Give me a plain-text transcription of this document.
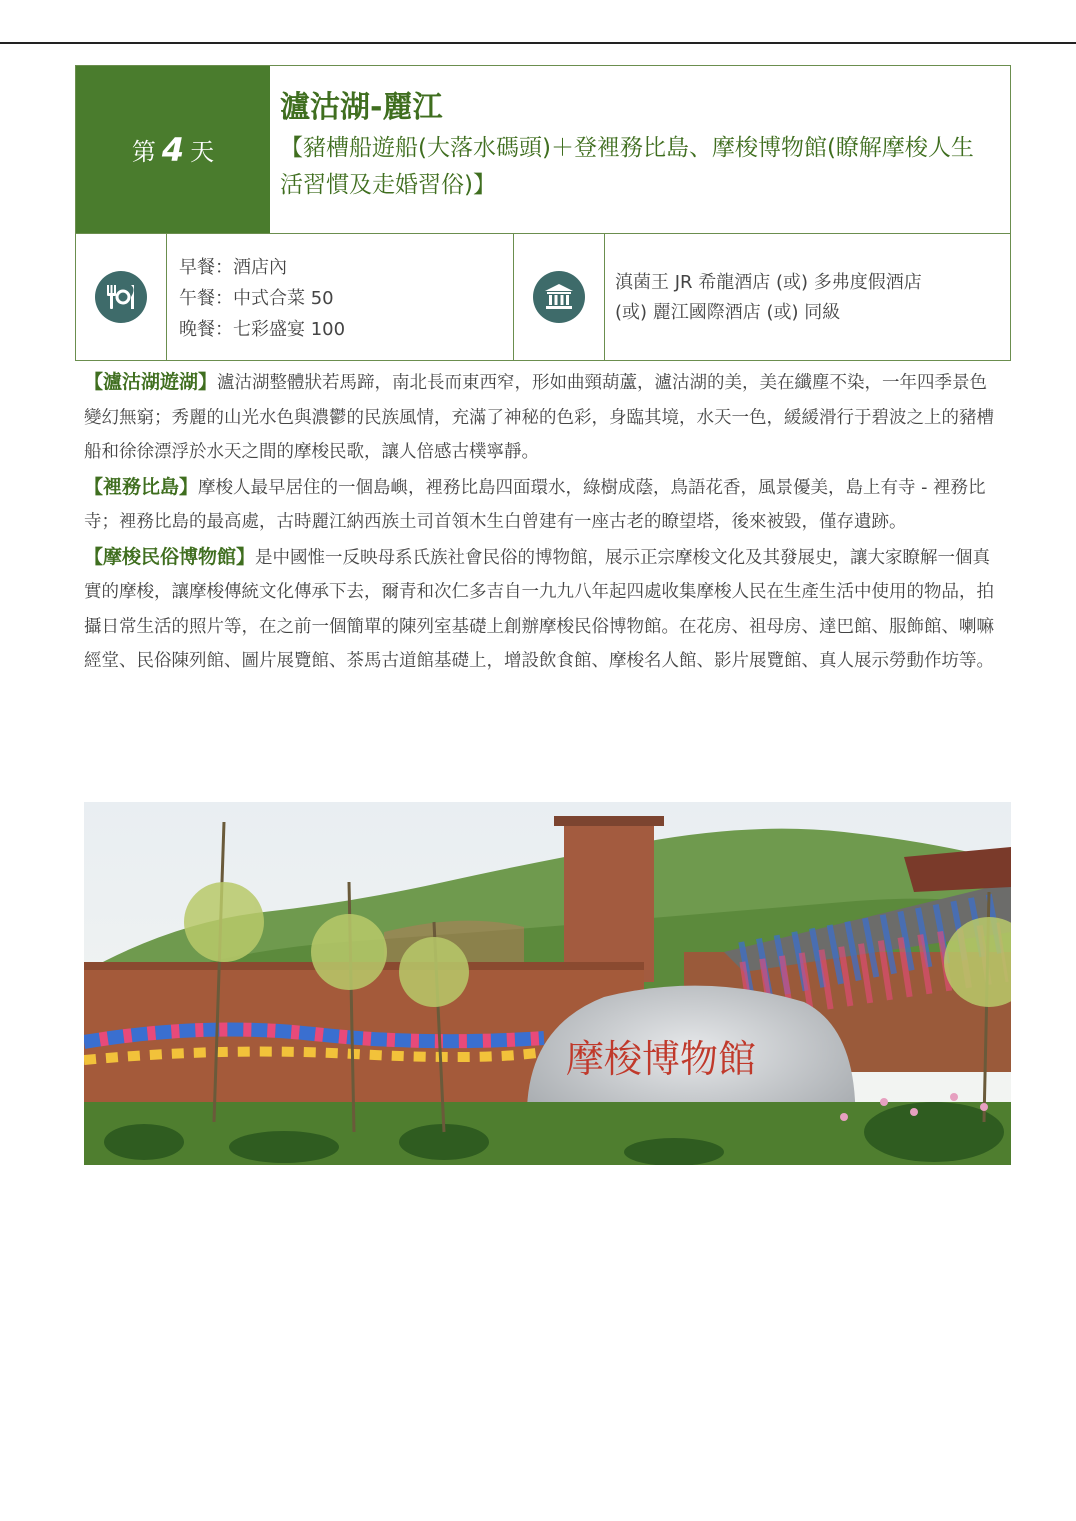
第 4 天
瀘沽湖-麗江
【豬槽船遊船(大落水碼頭)＋登裡務比島、摩梭博物館(瞭解摩梭人生活習慣及走婚習俗)】
早餐：酒店內
午餐：中式合菜 50
晚餐：七彩盛宴 100
滇菌王 JR 希龍酒店 (或) 多弗度假酒店
(或) 麗江國際酒店 (或) 同級

【瀘沽湖遊湖】瀘沽湖整體狀若馬蹄，南北長而東西窄，形如曲頸葫蘆，瀘沽湖的美，美在纖塵不染，一年四季景色變幻無窮；秀麗的山光水色與濃鬱的民族風情，充滿了神秘的色彩，身臨其境，水天一色，緩緩滑行于碧波之上的豬槽船和徐徐漂浮於水天之間的摩梭民歌，讓人倍感古樸寧靜。

【裡務比島】摩梭人最早居住的一個島嶼，裡務比島四面環水，綠樹成蔭，鳥語花香，風景優美，島上有寺 - 裡務比寺；裡務比島的最高處，古時麗江納西族土司首領木生白曾建有一座古老的瞭望塔，後來被毀，僅存遺跡。

【摩梭民俗博物館】是中國惟一反映母系氏族社會民俗的博物館，展示正宗摩梭文化及其發展史，讓大家瞭解一個真實的摩梭，讓摩梭傳統文化傳承下去，爾青和次仁多吉自一九九八年起四處收集摩梭人民在生產生活中使用的物品，拍攝日常生活的照片等，在之前一個簡單的陳列室基礎上創辦摩梭民俗博物館。在花房、祖母房、達巴館、服飾館、喇嘛經堂、民俗陳列館、圖片展覽館、茶馬古道館基礎上，增設飲食館、摩梭名人館、影片展覽館、真人展示勞動作坊等。

摩梭博物館
